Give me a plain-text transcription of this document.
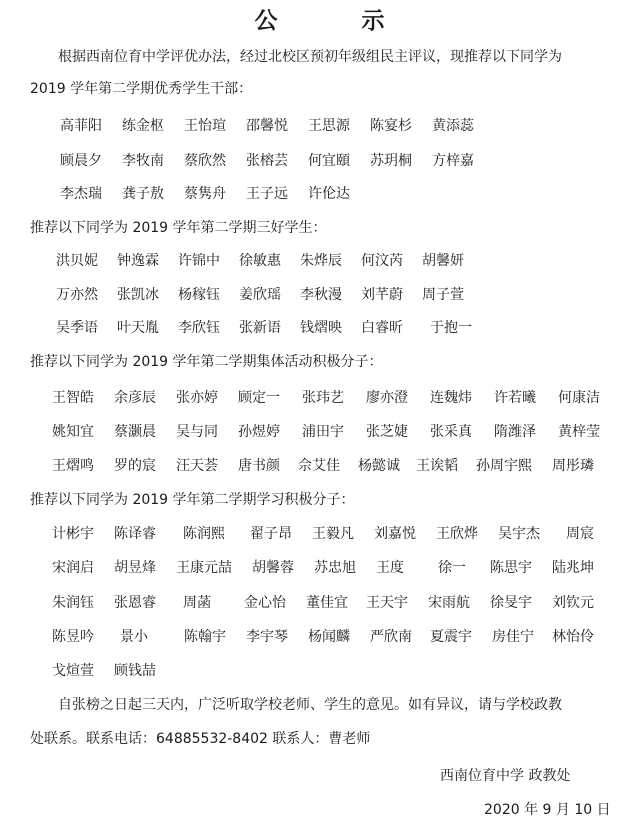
公 示
根据西南位育中学评优办法，经过北校区预初年级组民主评议，现推荐以下同学为
2019 学年第二学期优秀学生干部：
高菲阳 练金枢 王怡瑄 邵馨悦 王思源 陈宴杉 黄添蕊
顾晨夕 李牧南 蔡欣然 张榕芸 何宜頤 苏玥桐 方梓嘉
李杰瑞 龚子敖 蔡隽舟 王子远 许伦达
推荐以下同学为 2019 学年第二学期三好学生：
洪贝妮 钟逸霖 许锦中 徐敏惠 朱烨辰 何汶芮 胡馨妍
万亦然 张凯冰 杨稼钰 姜欣瑶 李秋漫 刘芊蔚 周子萱
吴季语 叶天胤 李欣钰 张新语 钱熠映 白睿昕 于抱一
推荐以下同学为 2019 学年第二学期集体活动积极分子：
王智皓 余彦辰 张亦婷 顾定一 张玮艺 廖亦澄 连魏炜 许若曦 何康洁
姚知宜 蔡灏晨 吴与同 孙煜婷 浦田宇 张芝婕 张采真 隋潍泽 黄梓莹
王熠鸣 罗的宸 汪天荟 唐书颜 佘艾佳 杨懿诚 王诶韬 孙周宇熙 周彤璘
推荐以下同学为 2019 学年第二学期学习积极分子：
计彬宇 陈译睿 陈润熙 翟子昂 王毅凡 刘嘉悦 王欣烨 吴宇杰 周宸
宋润启 胡昱烽 王康元喆 胡馨蓉 苏忠旭 王度 徐一 陈思宇 陆兆坤
朱润钰 张恩睿 周菡 金心怡 董佳宜 王天宇 宋雨航 徐旻宇 刘钦元
陈昱吟 景小	陈翰宇 李宇琴 杨闻麟 严欣南 夏震宇 房佳宁 林怡伶
戈煊萱 顾钱喆
自张榜之日起三天内，广泛听取学校老师、学生的意见。如有异议，请与学校政教
处联系。联系电话：64885532-8402 联系人：曹老师
西南位育中学 政教处
2020 年 9 月 10 日
